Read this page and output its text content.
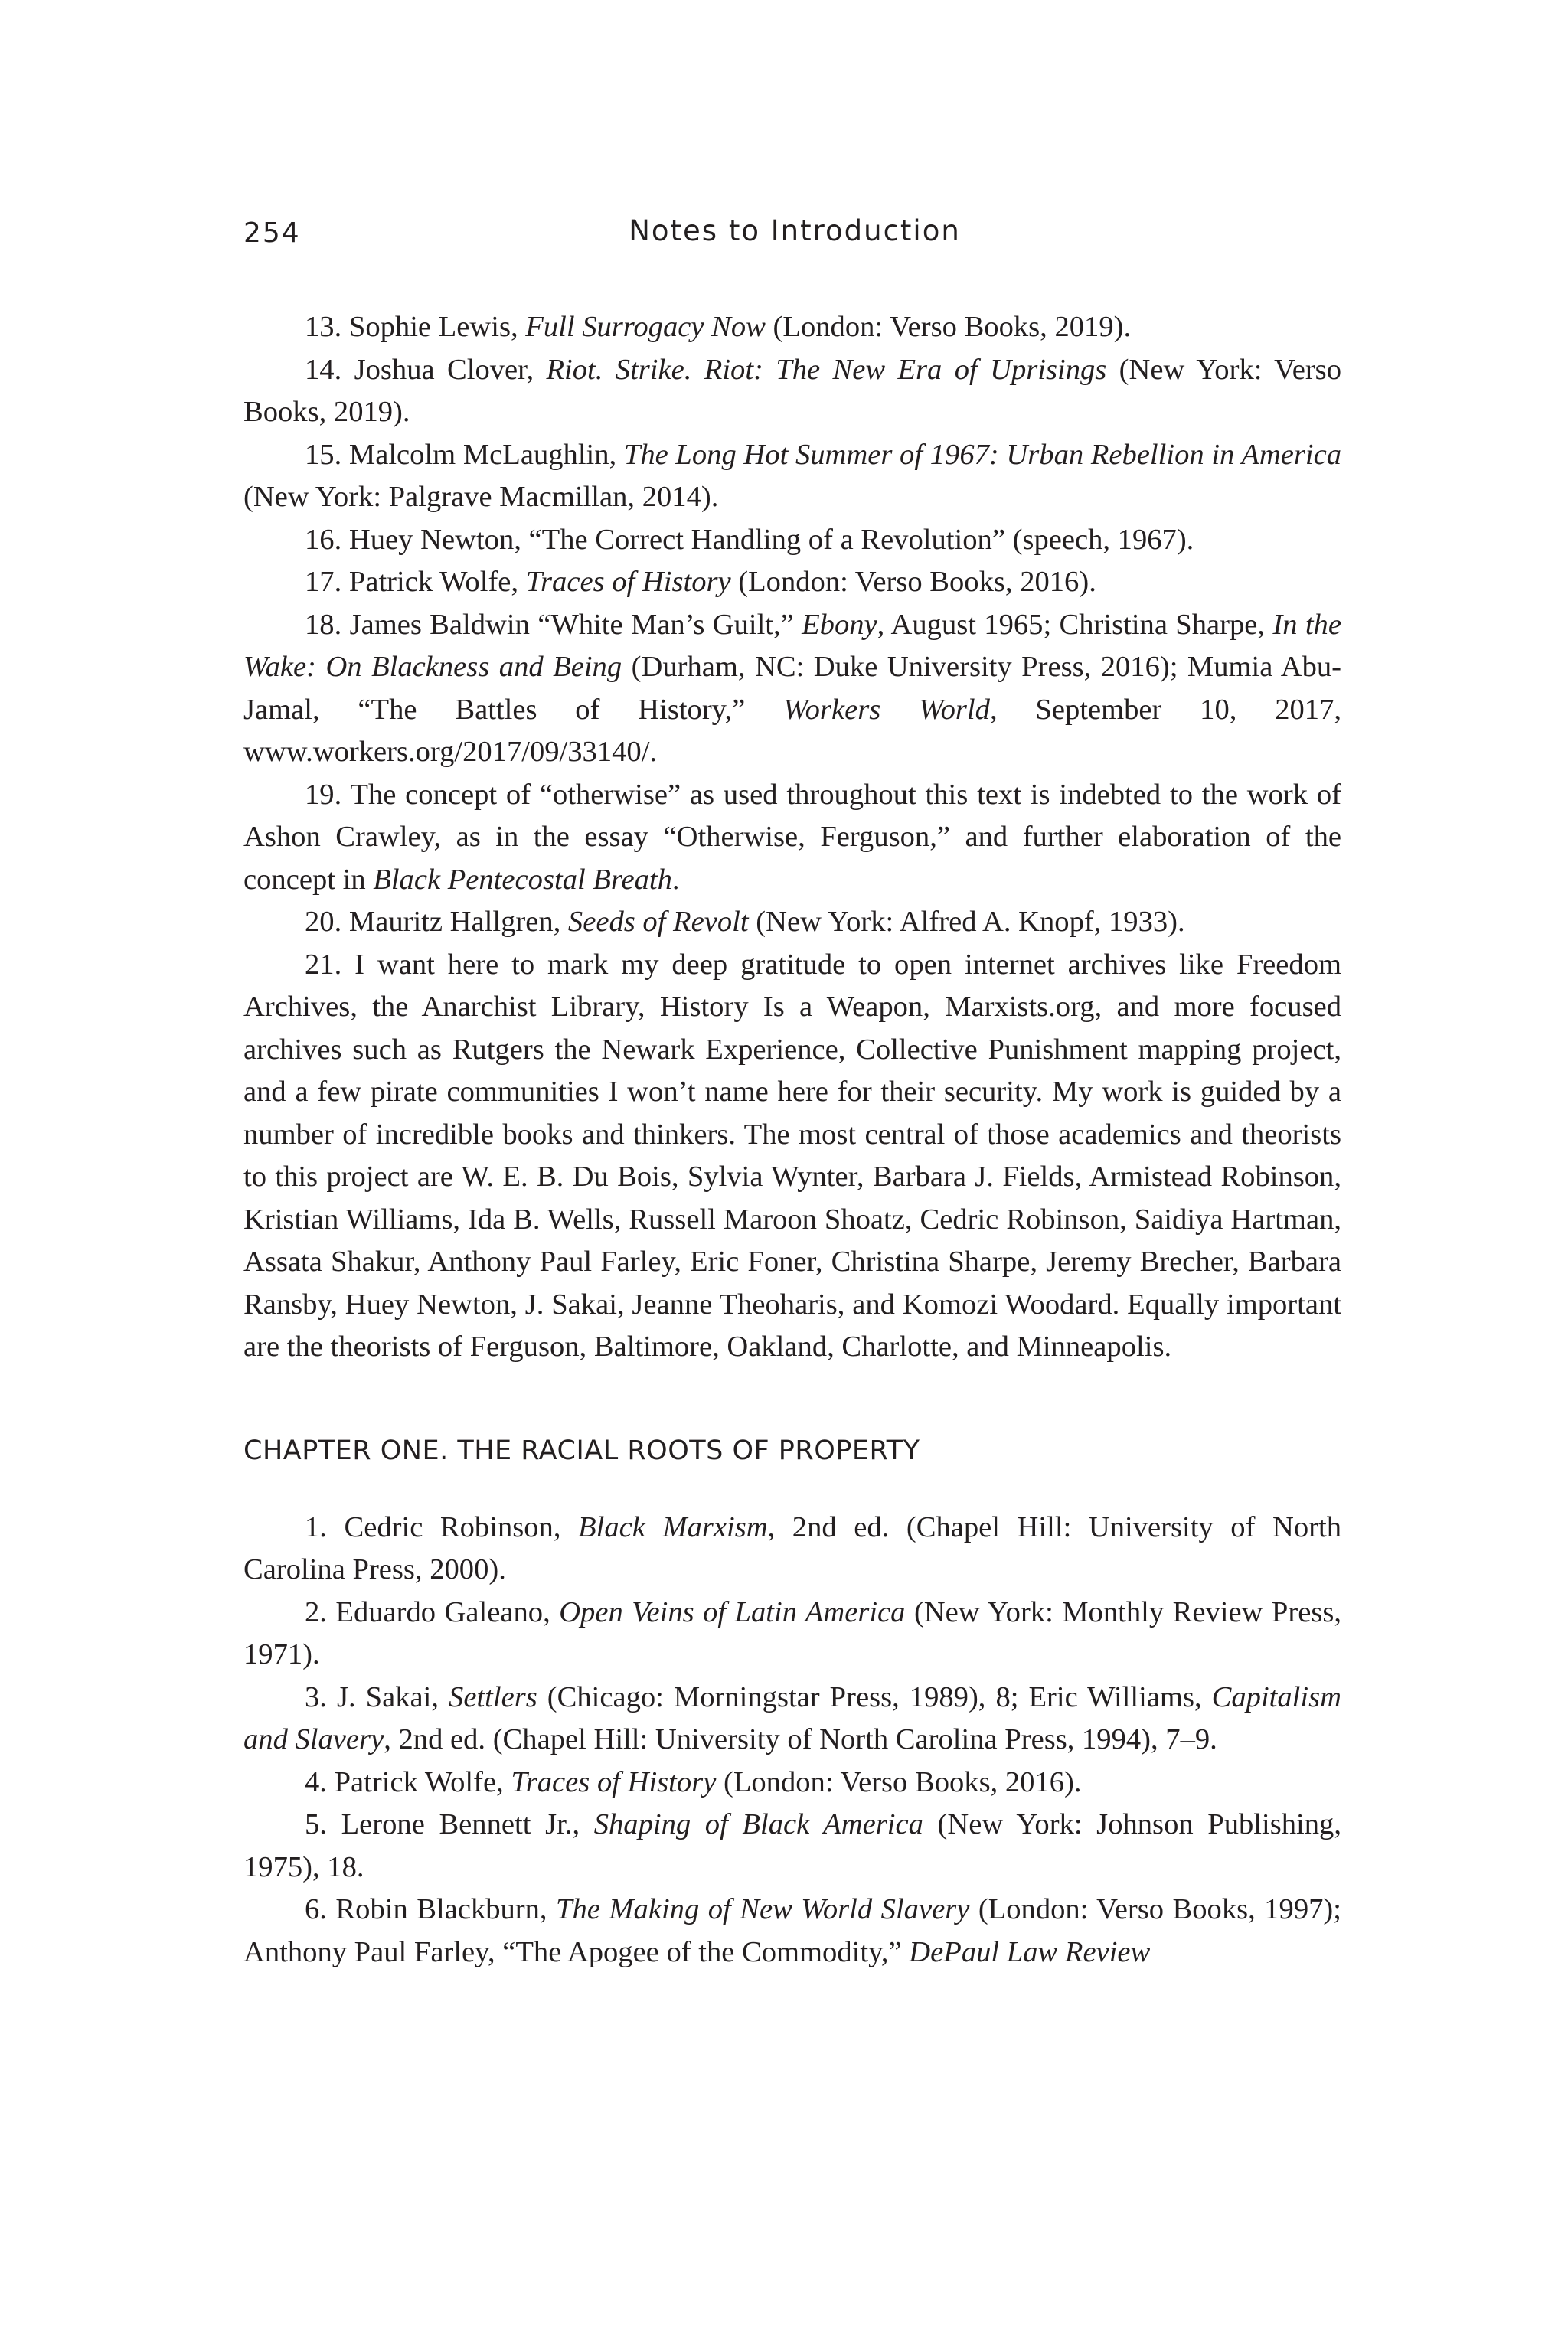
254	Notes to Introduction

13. Sophie Lewis, Full Surrogacy Now (London: Verso Books, 2019).

14. Joshua Clover, Riot. Strike. Riot: The New Era of Uprisings (New York: Verso Books, 2019).

15. Malcolm McLaughlin, The Long Hot Summer of 1967: Urban Rebellion in America (New York: Palgrave Macmillan, 2014).

16. Huey Newton, “The Correct Handling of a Revolution” (speech, 1967).

17. Patrick Wolfe, Traces of History (London: Verso Books, 2016).

18. James Baldwin “White Man’s Guilt,” Ebony, August 1965; Christina Sharpe, In the Wake: On Blackness and Being (Durham, NC: Duke University Press, 2016); Mumia Abu-Jamal, “The Battles of History,” Workers World, September 10, 2017, www.workers.org/2017/09/33140/.

19. The concept of “otherwise” as used throughout this text is indebted to the work of Ashon Crawley, as in the essay “Otherwise, Ferguson,” and further elaboration of the concept in Black Pentecostal Breath.

20. Mauritz Hallgren, Seeds of Revolt (New York: Alfred A. Knopf, 1933).

21. I want here to mark my deep gratitude to open internet archives like Freedom Archives, the Anarchist Library, History Is a Weapon, Marxists.org, and more focused archives such as Rutgers the Newark Experience, Collective Punishment mapping project, and a few pirate communities I won’t name here for their security. My work is guided by a number of incredible books and thinkers. The most central of those academics and theorists to this project are W. E. B. Du Bois, Sylvia Wynter, Barbara J. Fields, Armistead Robinson, Kristian Williams, Ida B. Wells, Russell Maroon Shoatz, Cedric Robinson, Saidiya Hartman, Assata Shakur, Anthony Paul Farley, Eric Foner, Christina Sharpe, Jeremy Brecher, Barbara Ransby, Huey Newton, J. Sakai, Jeanne Theoharis, and Komozi Woodard. Equally important are the theorists of Ferguson, Baltimore, Oakland, Charlotte, and Minneapolis.

CHAPTER ONE. THE RACIAL ROOTS OF PROPERTY

1. Cedric Robinson, Black Marxism, 2nd ed. (Chapel Hill: University of North Carolina Press, 2000).

2. Eduardo Galeano, Open Veins of Latin America (New York: Monthly Review Press, 1971).

3. J. Sakai, Settlers (Chicago: Morningstar Press, 1989), 8; Eric Williams, Capitalism and Slavery, 2nd ed. (Chapel Hill: University of North Carolina Press, 1994), 7–9.

4. Patrick Wolfe, Traces of History (London: Verso Books, 2016).

5. Lerone Bennett Jr., Shaping of Black America (New York: Johnson Publishing, 1975), 18.

6. Robin Blackburn, The Making of New World Slavery (London: Verso Books, 1997); Anthony Paul Farley, “The Apogee of the Commodity,” DePaul Law Review
